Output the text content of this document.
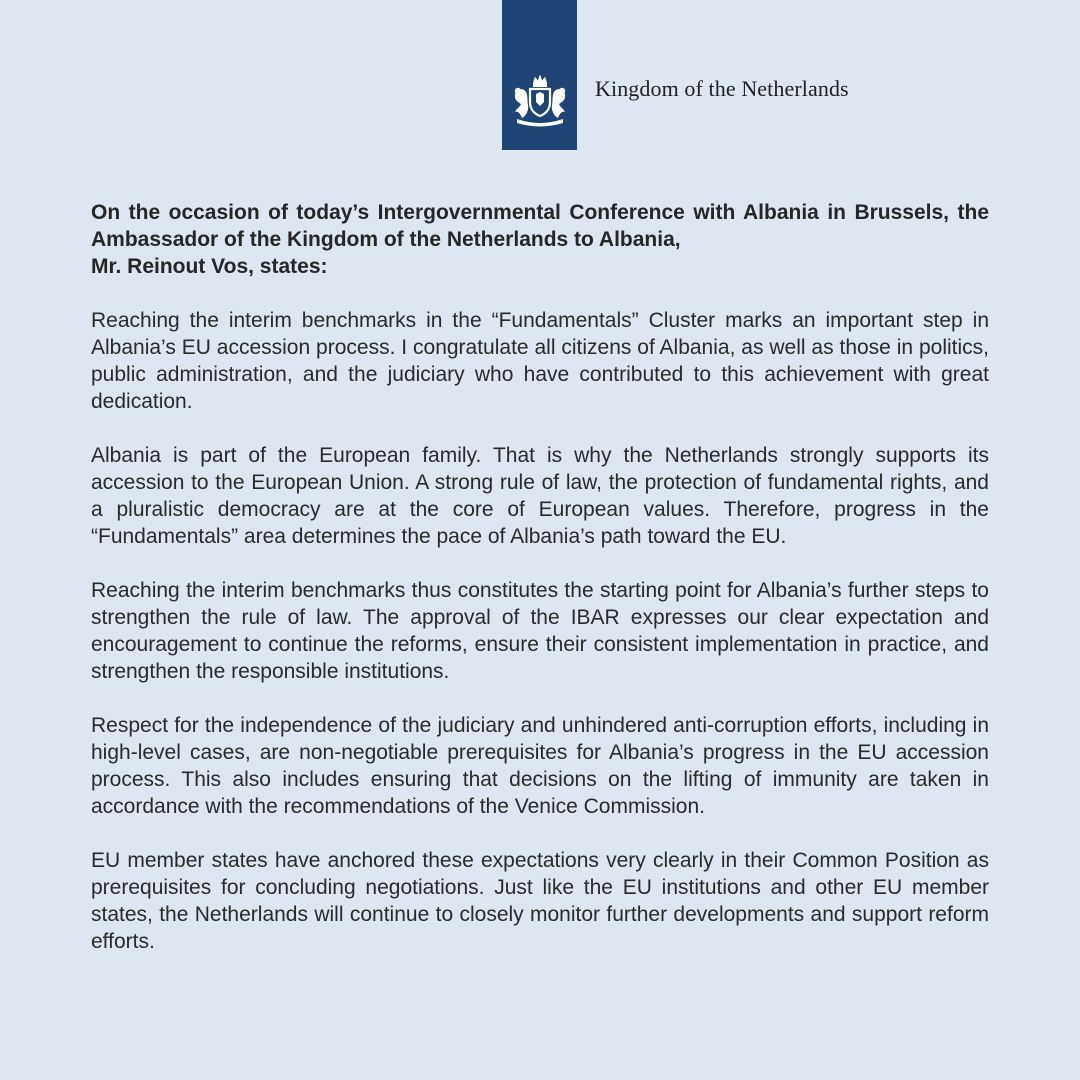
Kingdom of the Netherlands

On the occasion of today’s Intergovernmental Conference with Albania in Brussels, the Ambassador of the Kingdom of the Netherlands to Albania,
Mr. Reinout Vos, states:

Reaching the interim benchmarks in the “Fundamentals” Cluster marks an important step in Albania’s EU accession process. I congratulate all citizens of Albania, as well as those in politics, public administration, and the judiciary who have contributed to this achievement with great dedication.

Albania is part of the European family. That is why the Netherlands strongly supports its accession to the European Union. A strong rule of law, the protection of fundamental rights, and a pluralistic democracy are at the core of European values. Therefore, progress in the “Fundamentals” area determines the pace of Albania’s path toward the EU.

Reaching the interim benchmarks thus constitutes the starting point for Albania’s further steps to strengthen the rule of law. The approval of the IBAR expresses our clear expectation and encouragement to continue the reforms, ensure their consistent implementation in practice, and strengthen the responsible institutions.

Respect for the independence of the judiciary and unhindered anti-corruption efforts, including in high-level cases, are non-negotiable prerequisites for Albania’s progress in the EU accession process. This also includes ensuring that decisions on the lifting of immunity are taken in accordance with the recommendations of the Venice Commission.

EU member states have anchored these expectations very clearly in their Common Position as prerequisites for concluding negotiations. Just like the EU institutions and other EU member states, the Netherlands will continue to closely monitor further developments and support reform efforts.
